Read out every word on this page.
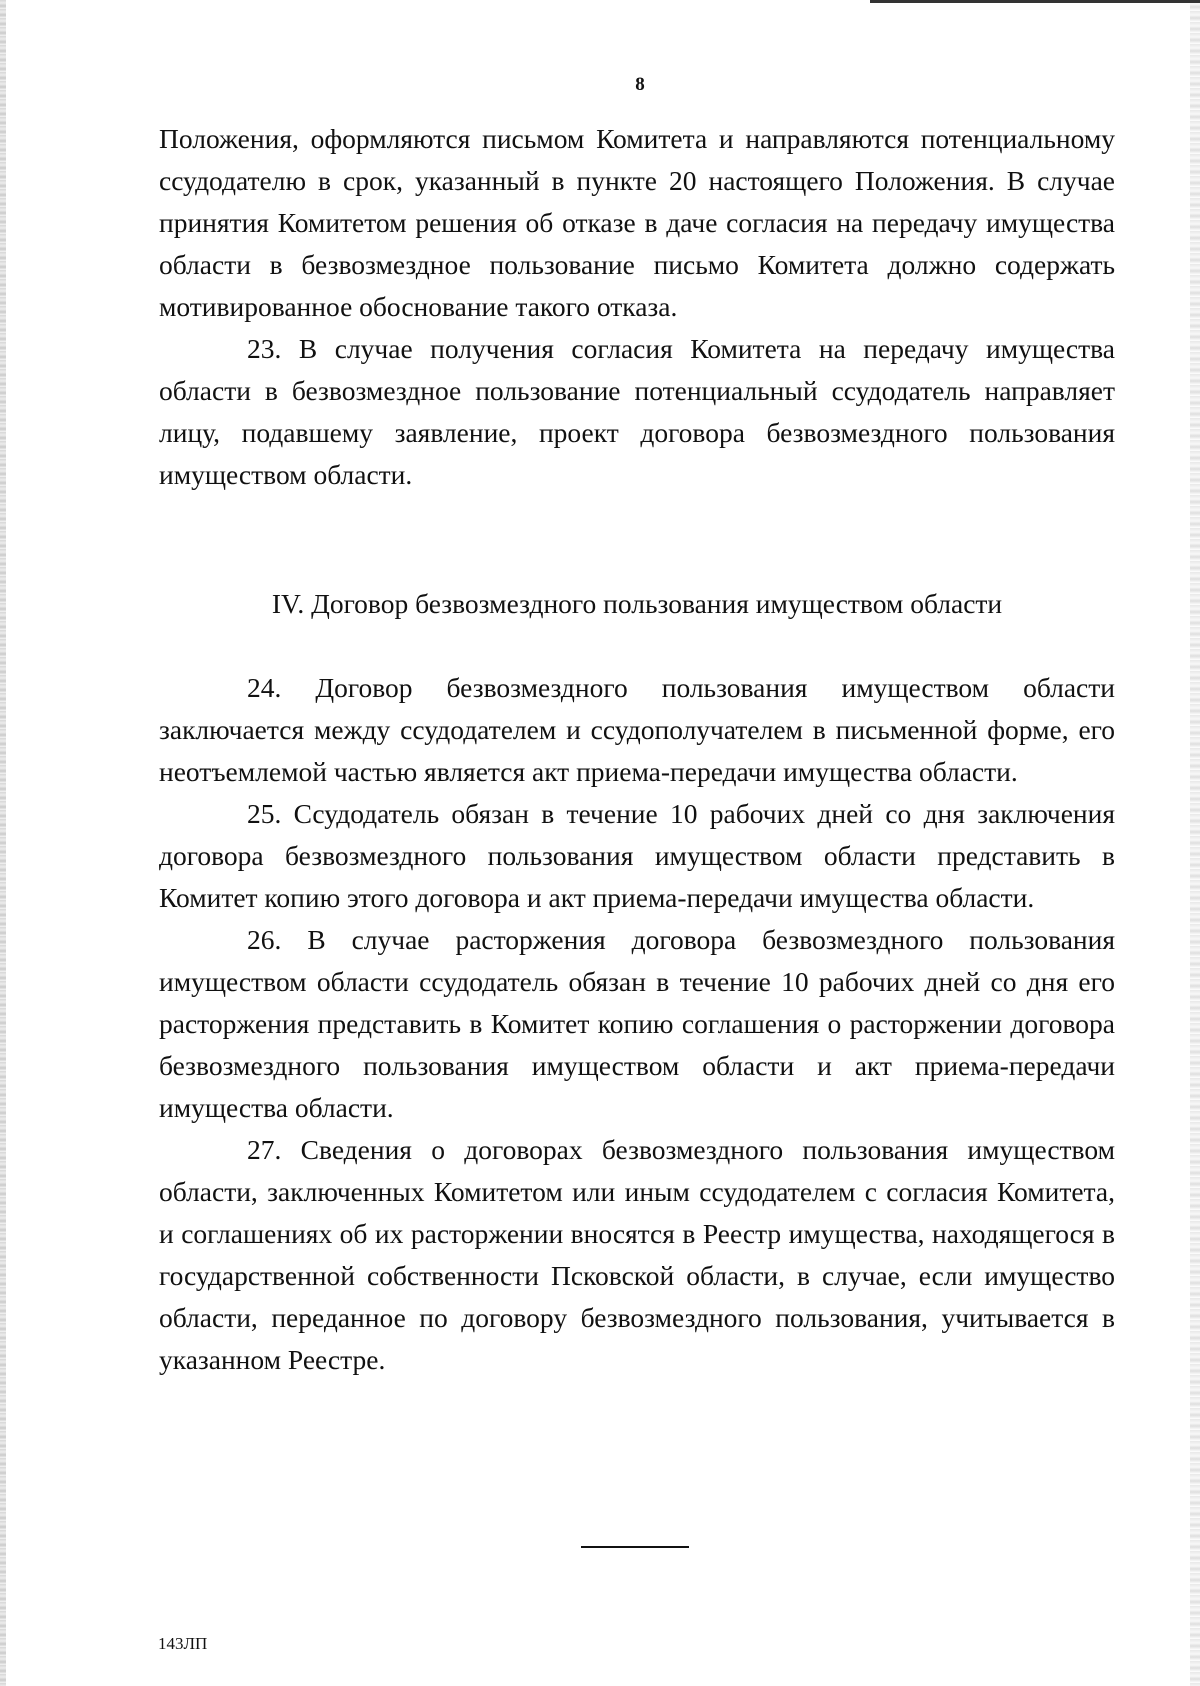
8

Положения, оформляются письмом Комитета и направляются потенциальному ссудодателю в срок, указанный в пункте 20 настоящего Положения. В случае принятия Комитетом решения об отказе в даче согласия на передачу имущества области в безвозмездное пользование письмо Комитета должно содержать мотивированное обоснование такого отказа.

23. В случае получения согласия Комитета на передачу имущества области в безвозмездное пользование потенциальный ссудодатель направляет лицу, подавшему заявление, проект договора безвозмездного пользования имуществом области.

IV. Договор безвозмездного пользования имуществом области

24. Договор безвозмездного пользования имуществом области заключается между ссудодателем и ссудополучателем в письменной форме, его неотъемлемой частью является акт приема-передачи имущества области.

25. Ссудодатель обязан в течение 10 рабочих дней со дня заключения договора безвозмездного пользования имуществом области представить в Комитет копию этого договора и акт приема-передачи имущества области.

26. В случае расторжения договора безвозмездного пользования имуществом области ссудодатель обязан в течение 10 рабочих дней со дня его расторжения представить в Комитет копию соглашения о расторжении договора безвозмездного пользования имуществом области и акт приема-передачи имущества области.

27. Сведения о договорах безвозмездного пользования имуществом области, заключенных Комитетом или иным ссудодателем с согласия Комитета, и соглашениях об их расторжении вносятся в Реестр имущества, находящегося в государственной собственности Псковской области, в случае, если имущество области, переданное по договору безвозмездного пользования, учитывается в указанном Реестре.

143ЛП
